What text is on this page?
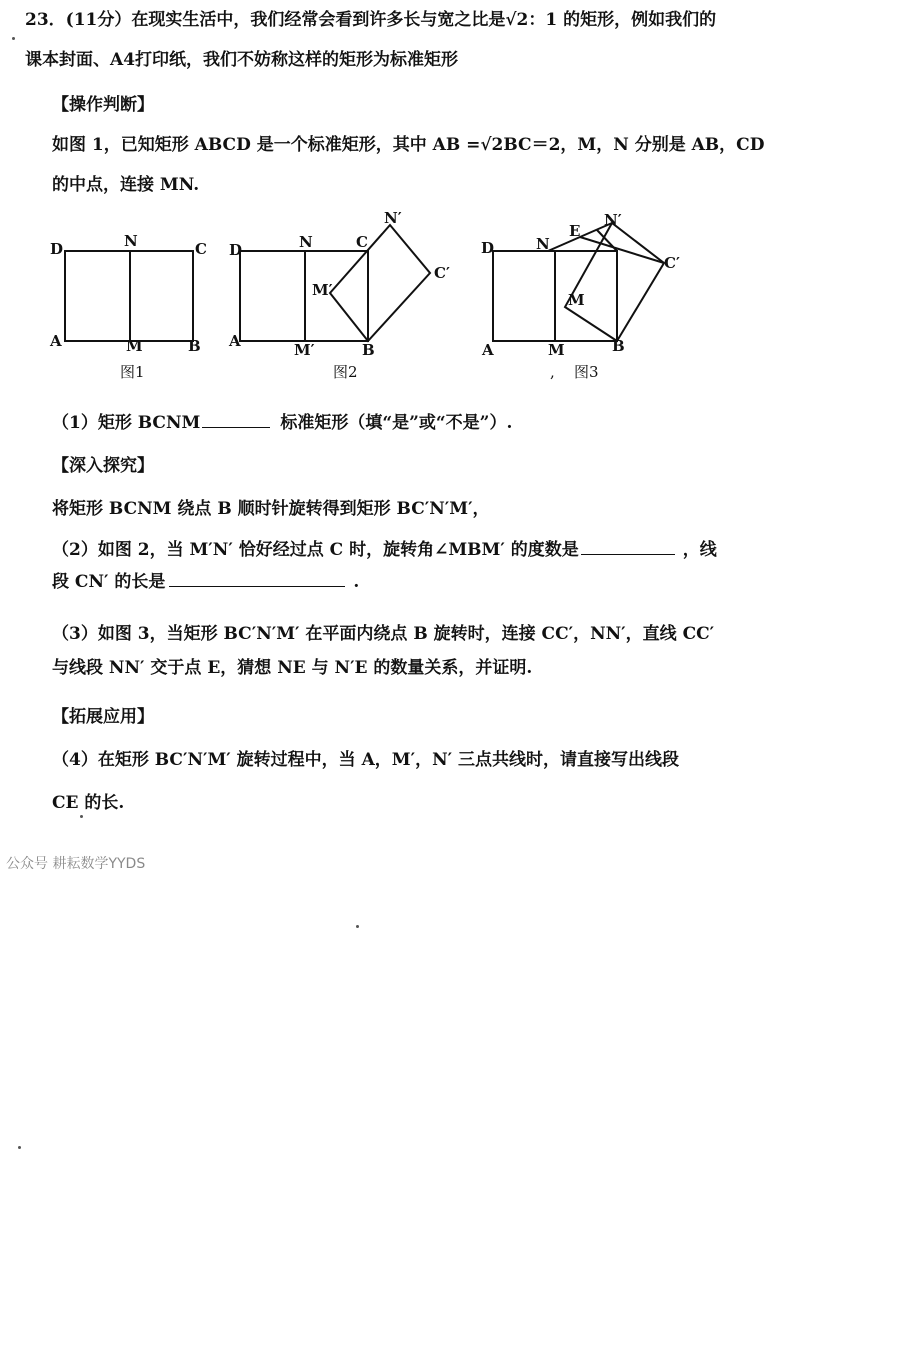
23．(11分）在现实生活中，我们经常会看到许多长与宽之比是√2：1 的矩形，例如我们的
课本封面、A4打印纸，我们不妨称这样的矩形为标准矩形
【操作判断】
如图 1，已知矩形 ABCD 是一个标准矩形，其中 AB =√2BC＝2，M，N 分别是 AB，CD
的中点，连接 MN.
D	N	C
A	M	B
图1
D	N	C
N′
C′
M′
A	M′	B
图2
D	N
E
N′
C′
M
A	M	B
, 图3
（1）矩形 BCNM	标准矩形（填“是”或“不是”）.
【深入探究】
将矩形 BCNM 绕点 B 顺时针旋转得到矩形 BC′N′M′，
（2）如图 2，当 M′N′ 恰好经过点 C 时，旋转角∠MBM′ 的度数是	，线
段 CN′ 的长是	.
（3）如图 3，当矩形 BC′N′M′ 在平面内绕点 B 旋转时，连接 CC′，NN′，直线 CC′
与线段 NN′ 交于点 E，猜想 NE 与 N′E 的数量关系，并证明.
【拓展应用】
（4）在矩形 BC′N′M′ 旋转过程中，当 A，M′，N′ 三点共线时，请直接写出线段
CE 的长.
公众号 耕耘数学YYDS
